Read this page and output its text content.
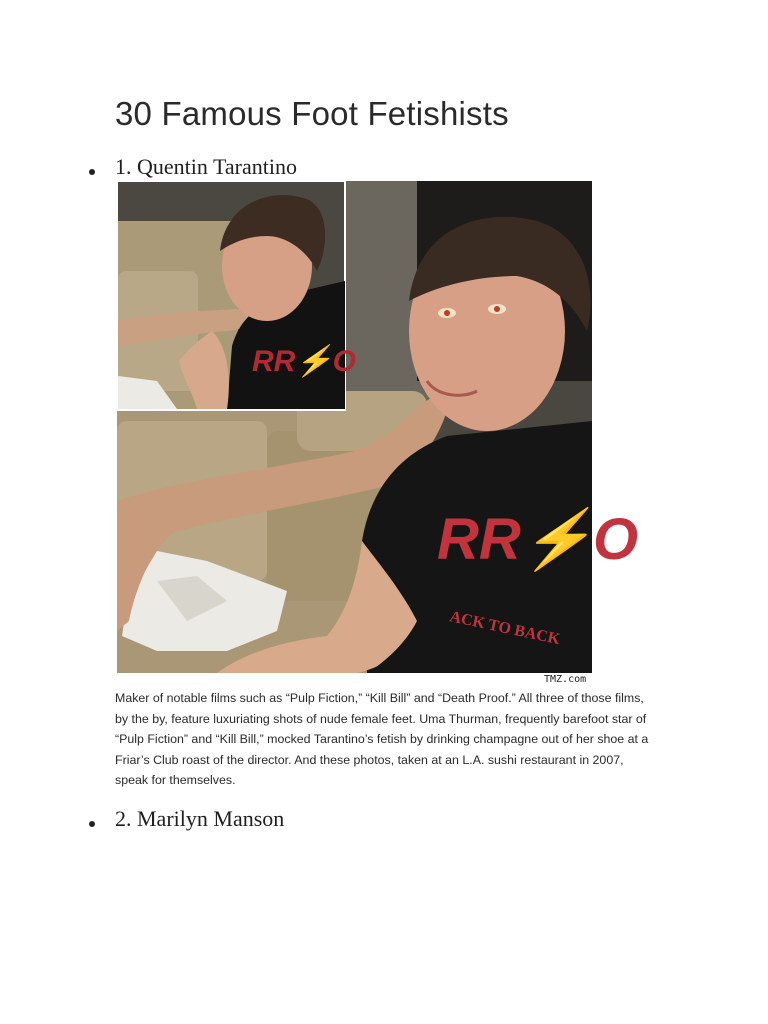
30 Famous Foot Fetishists
1. Quentin Tarantino
RR⚡O
ACK TO BACK
RR⚡O
TMZ.com

Maker of notable films such as “Pulp Fiction,” “Kill Bill” and “Death Proof.” All three of those films, by the by, feature luxuriating shots of nude female feet. Uma Thurman, frequently barefoot star of “Pulp Fiction” and “Kill Bill,” mocked Tarantino’s fetish by drinking champagne out of her shoe at a Friar’s Club roast of the director. And these photos, taken at an L.A. sushi restaurant in 2007, speak for themselves.

2. Marilyn Manson
